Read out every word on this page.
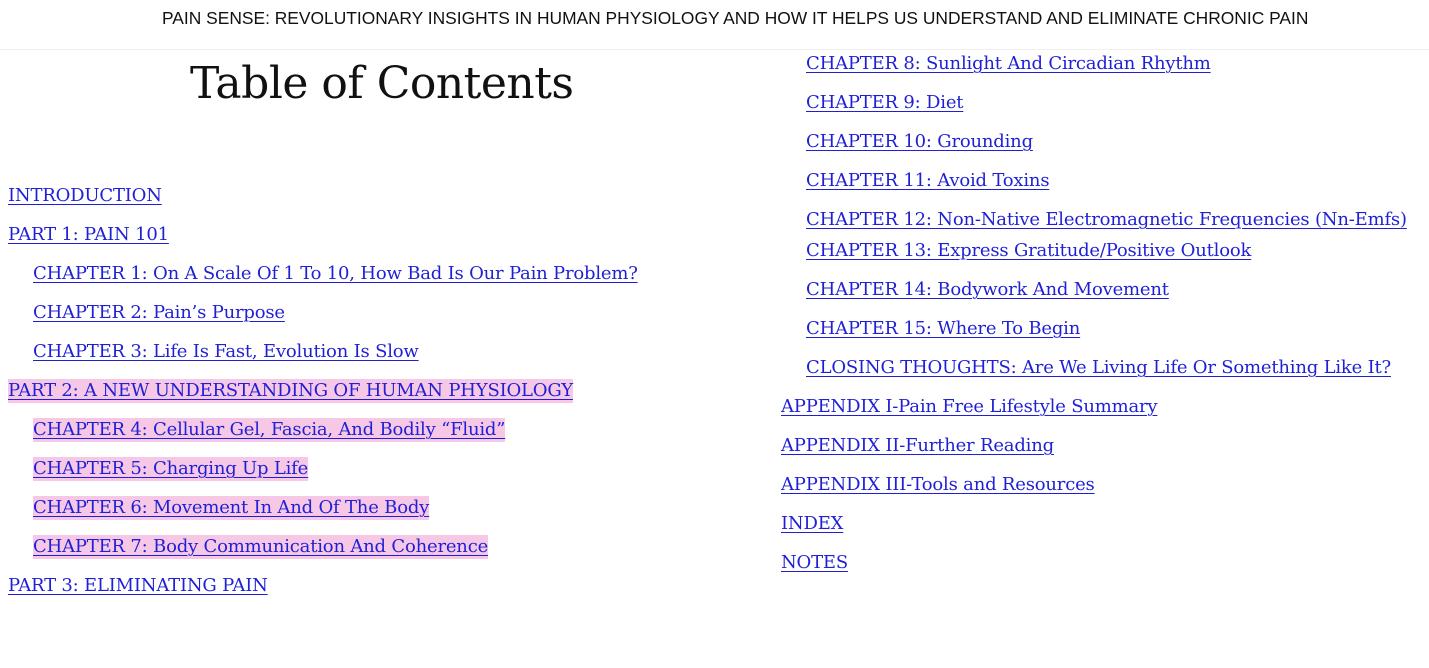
PAIN SENSE: REVOLUTIONARY INSIGHTS IN HUMAN PHYSIOLOGY AND HOW IT HELPS US UNDERSTAND AND ELIMINATE CHRONIC PAIN
Table of Contents
INTRODUCTION
PART 1: PAIN 101
CHAPTER 1: On A Scale Of 1 To 10, How Bad Is Our Pain Problem?
CHAPTER 2: Pain’s Purpose
CHAPTER 3: Life Is Fast, Evolution Is Slow
PART 2: A NEW UNDERSTANDING OF HUMAN PHYSIOLOGY
CHAPTER 4: Cellular Gel, Fascia, And Bodily “Fluid”
CHAPTER 5: Charging Up Life
CHAPTER 6: Movement In And Of The Body
CHAPTER 7: Body Communication And Coherence
PART 3: ELIMINATING PAIN
CHAPTER 8: Sunlight And Circadian Rhythm
CHAPTER 9: Diet
CHAPTER 10: Grounding
CHAPTER 11: Avoid Toxins
CHAPTER 12: Non-Native Electromagnetic Frequencies (Nn-Emfs)
CHAPTER 13: Express Gratitude/Positive Outlook
CHAPTER 14: Bodywork And Movement
CHAPTER 15: Where To Begin
CLOSING THOUGHTS: Are We Living Life Or Something Like It?
APPENDIX I-Pain Free Lifestyle Summary
APPENDIX II-Further Reading
APPENDIX III-Tools and Resources
INDEX
NOTES
